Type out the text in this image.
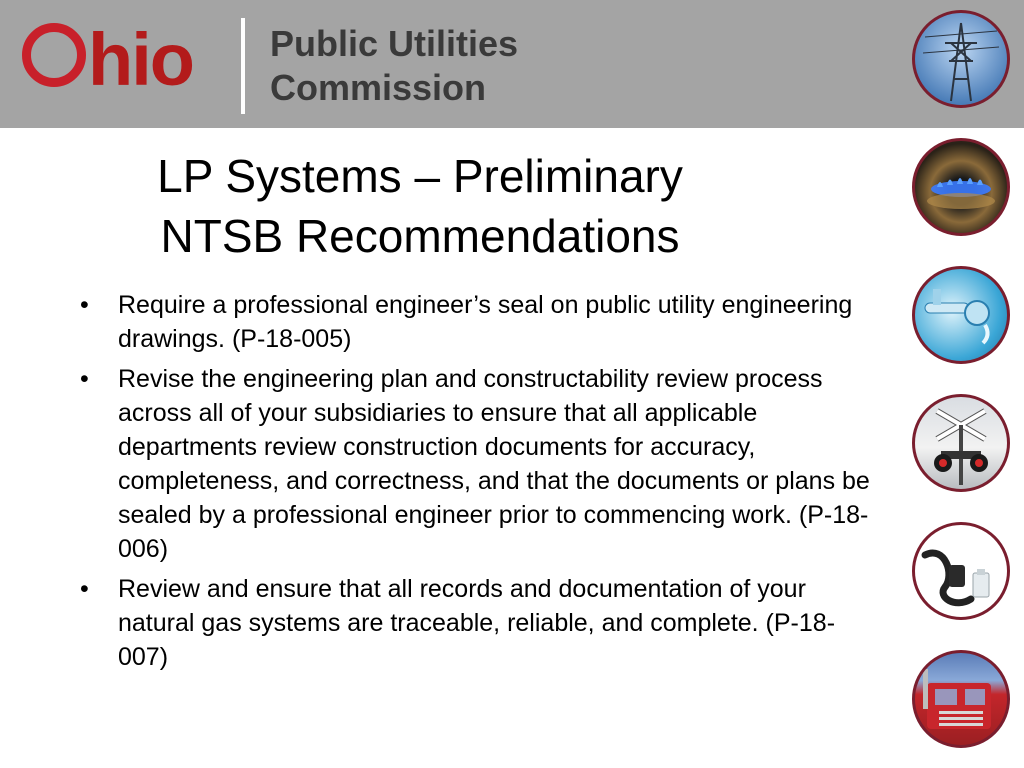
hio Public Utilities
Commission
LP Systems – Preliminary
NTSB Recommendations
• Require a professional engineer’s seal on public utility engineering drawings. (P-18-005)
• Revise the engineering plan and constructability review process across all of your subsidiaries to ensure that all applicable departments review construction documents for accuracy, completeness, and correctness, and that the documents or plans be sealed by a professional engineer prior to commencing work. (P-18-006)
• Review and ensure that all records and documentation of your natural gas systems are traceable, reliable, and complete. (P-18-007)
